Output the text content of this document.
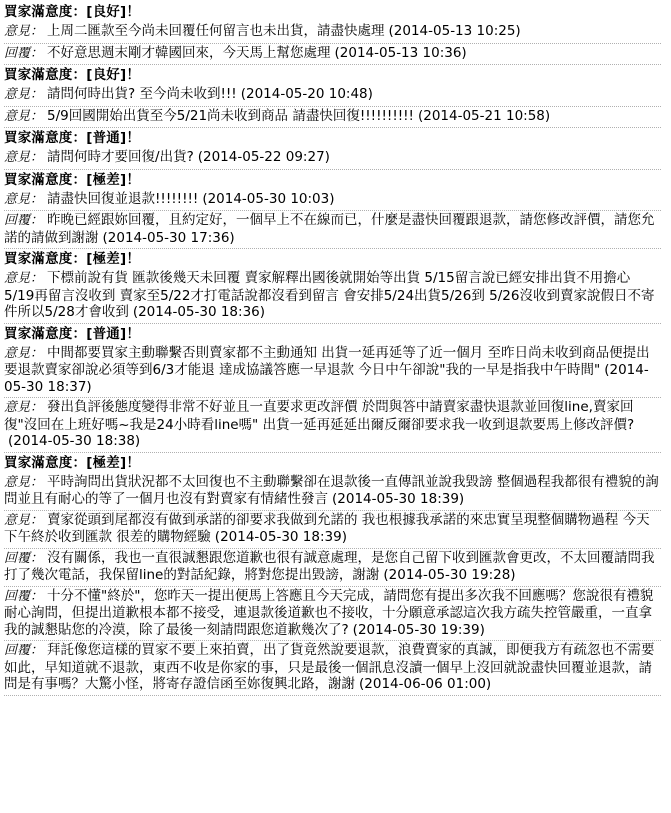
買家滿意度：[良好]！
意見： 上周二匯款至今尚未回覆任何留言也未出貨，請盡快處理 (2014-05-13 10:25)
回覆： 不好意思週末剛才韓國回來，今天馬上幫您處理 (2014-05-13 10:36)
買家滿意度：[良好]！
意見： 請問何時出貨? 至今尚未收到!!! (2014-05-20 10:48)
意見： 5/9回國開始出貨至今5/21尚未收到商品 請盡快回復!!!!!!!!!! (2014-05-21 10:58)
買家滿意度：[普通]！
意見： 請問何時才要回復/出貨? (2014-05-22 09:27)
買家滿意度：[極差]！
意見： 請盡快回復並退款!!!!!!!! (2014-05-30 10:03)
回覆： 昨晚已經跟妳回覆，且約定好，一個早上不在線而已，什麼是盡快回覆跟退款，請您修改評價，請您允諾的請做到謝謝 (2014-05-30 17:36)
買家滿意度：[極差]！
意見： 下標前說有貨 匯款後幾天未回覆 賣家解釋出國後就開始等出貨 5/15留言說已經安排出貨不用擔心 5/19再留言沒收到 賣家至5/22才打電話說都沒看到留言 會安排5/24出貨5/26到 5/26沒收到賣家說假日不寄件所以5/28才會收到 (2014-05-30 18:36)
買家滿意度：[普通]！
意見： 中間都要買家主動聯繫否則賣家都不主動通知 出貨一延再延等了近一個月 至昨日尚未收到商品便提出要退款賣家卻說必須等到6/3才能退 達成協議答應一早退款 今日中午卻說"我的一早是指我中午時間" (2014-05-30 18:37)
意見： 發出負評後態度變得非常不好並且一直要求更改評價 於問與答中請賣家盡快退款並回復line,賣家回復"沒回在上班好嗎~我是24小時看line嗎" 出貨一延再延延出爾反爾卻要求我一收到退款要馬上修改評價?(2014-05-30 18:38)
買家滿意度：[極差]！
意見： 平時詢問出貨狀況都不太回復也不主動聯繫卻在退款後一直傳訊並說我毀謗 整個過程我都很有禮貌的詢問並且有耐心的等了一個月也沒有對賣家有情緒性發言 (2014-05-30 18:39)
意見： 賣家從頭到尾都沒有做到承諾的卻要求我做到允諾的 我也根據我承諾的來忠實呈現整個購物過程 今天下午終於收到匯款 很差的購物經驗 (2014-05-30 18:39)
回覆： 沒有關係，我也一直很誠懇跟您道歉也很有誠意處理，是您自己留下收到匯款會更改，不太回覆請問我打了幾次電話，我保留line的對話紀錄，將對您提出毀謗，謝謝 (2014-05-30 19:28)
回覆： 十分不懂"終於"，您昨天一提出便馬上答應且今天完成，請問您有提出多次我不回應嗎？您說很有禮貌耐心詢問，但提出道歉根本都不接受，連退款後道歉也不接收，十分願意承認這次我方疏失控管嚴重，一直拿我的誠懇貼您的冷漠，除了最後一刻請問跟您道歉幾次了? (2014-05-30 19:39)
回覆： 拜託像您這樣的買家不要上來拍賣，出了貨竟然說要退款，浪費賣家的真誠，即便我方有疏忽也不需要如此，早知道就不退款，東西不收是你家的事，只是最後一個訊息沒讀一個早上沒回就說盡快回覆並退款，請問是有事嗎？大驚小怪，將寄存證信函至妳復興北路，謝謝 (2014-06-06 01:00)
